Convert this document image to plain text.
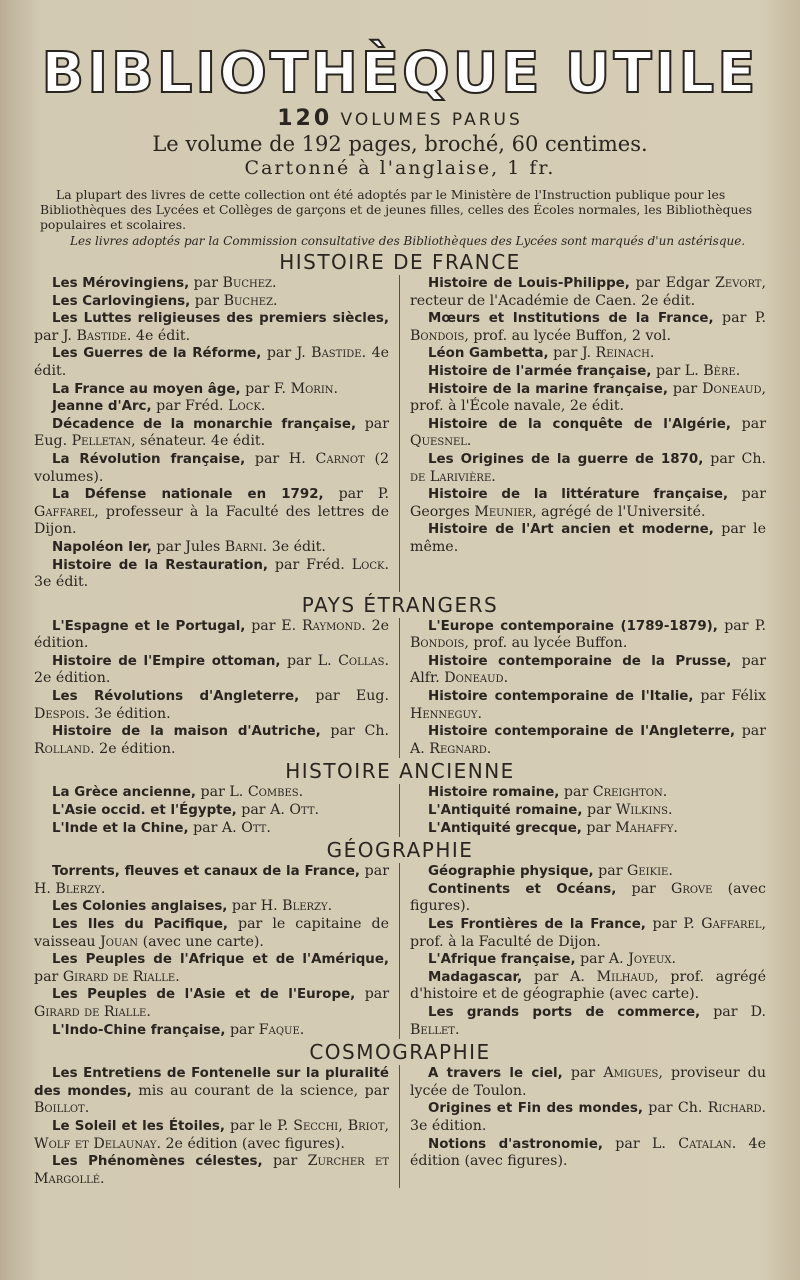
BIBLIOTHÈQUE UTILE
120 VOLUMES PARUS
Le volume de 192 pages, broché, 60 centimes.
Cartonné à l'anglaise, 1 fr.
La plupart des livres de cette collection ont été adoptés par le Ministère de l'Instruction publique pour les Bibliothèques des Lycées et Collèges de garçons et de jeunes filles, celles des Écoles normales, les Bibliothèques populaires et scolaires.
Les livres adoptés par la Commission consultative des Bibliothèques des Lycées sont marqués d'un astérisque.
HISTOIRE DE FRANCE

Les Mérovingiens, par Buchez.

Les Carlovingiens, par Buchez.

Les Luttes religieuses des premiers siècles, par J. Bastide. 4e édit.

Les Guerres de la Réforme, par J. Bastide. 4e édit.

La France au moyen âge, par F. Morin.

Jeanne d'Arc, par Fréd. Lock.

Décadence de la monarchie française, par Eug. Pelletan, sénateur. 4e édit.

La Révolution française, par H. Carnot (2 volumes).

La Défense nationale en 1792, par P. Gaffarel, professeur à la Faculté des lettres de Dijon.

Napoléon Ier, par Jules Barni. 3e édit.

Histoire de la Restauration, par Fréd. Lock. 3e édit.

Histoire de Louis-Philippe, par Edgar Zevort, recteur de l'Académie de Caen. 2e édit.

Mœurs et Institutions de la France, par P. Bondois, prof. au lycée Buffon, 2 vol.

Léon Gambetta, par J. Reinach.

Histoire de l'armée française, par L. Bère.

Histoire de la marine française, par Doneaud, prof. à l'École navale, 2e édit.

Histoire de la conquête de l'Algérie, par Quesnel.

Les Origines de la guerre de 1870, par Ch. de Larivière.

Histoire de la littérature française, par Georges Meunier, agrégé de l'Université.

Histoire de l'Art ancien et moderne, par le même.

PAYS ÉTRANGERS

L'Espagne et le Portugal, par E. Raymond. 2e édition.

Histoire de l'Empire ottoman, par L. Collas. 2e édition.

Les Révolutions d'Angleterre, par Eug. Despois. 3e édition.

Histoire de la maison d'Autriche, par Ch. Rolland. 2e édition.

L'Europe contemporaine (1789-1879), par P. Bondois, prof. au lycée Buffon.

Histoire contemporaine de la Prusse, par Alfr. Doneaud.

Histoire contemporaine de l'Italie, par Félix Henneguy.

Histoire contemporaine de l'Angleterre, par A. Regnard.

HISTOIRE ANCIENNE

La Grèce ancienne, par L. Combes.

L'Asie occid. et l'Égypte, par A. Ott.

L'Inde et la Chine, par A. Ott.

Histoire romaine, par Creighton.

L'Antiquité romaine, par Wilkins.

L'Antiquité grecque, par Mahaffy.

GÉOGRAPHIE

Torrents, fleuves et canaux de la France, par H. Blerzy.

Les Colonies anglaises, par H. Blerzy.

Les Iles du Pacifique, par le capitaine de vaisseau Jouan (avec une carte).

Les Peuples de l'Afrique et de l'Amérique, par Girard de Rialle.

Les Peuples de l'Asie et de l'Europe, par Girard de Rialle.

L'Indo-Chine française, par Faque.

Géographie physique, par Geikie.

Continents et Océans, par Grove (avec figures).

Les Frontières de la France, par P. Gaffarel, prof. à la Faculté de Dijon.

L'Afrique française, par A. Joyeux.

Madagascar, par A. Milhaud, prof. agrégé d'histoire et de géographie (avec carte).

Les grands ports de commerce, par D. Bellet.

COSMOGRAPHIE

Les Entretiens de Fontenelle sur la pluralité des mondes, mis au courant de la science, par Boillot.

Le Soleil et les Étoiles, par le P. Secchi, Briot, Wolf et Delaunay. 2e édition (avec figures).

Les Phénomènes célestes, par Zurcher et Margollé.

A travers le ciel, par Amigues, proviseur du lycée de Toulon.

Origines et Fin des mondes, par Ch. Richard. 3e édition.

Notions d'astronomie, par L. Catalan. 4e édition (avec figures).
